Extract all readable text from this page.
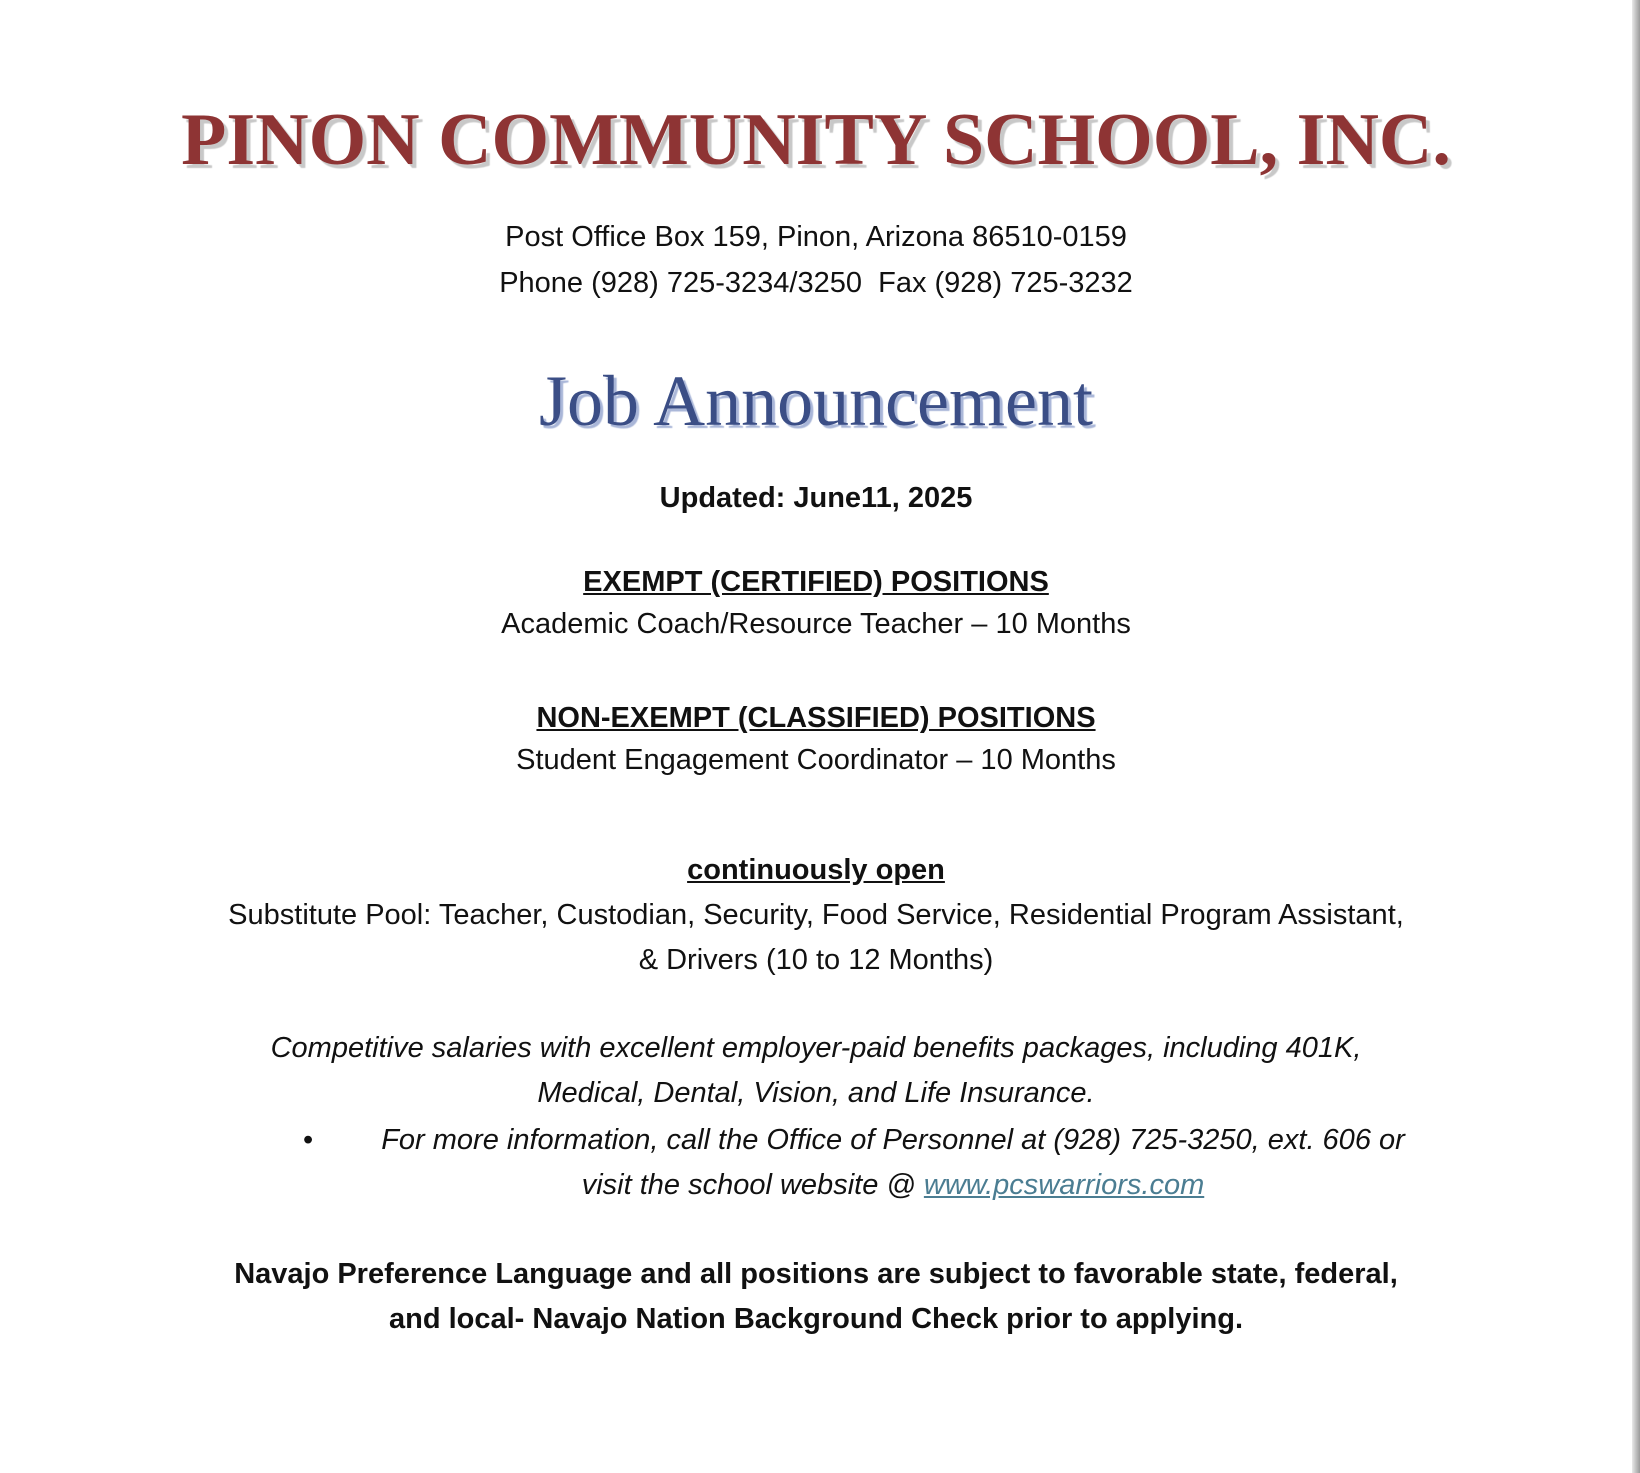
PINON COMMUNITY SCHOOL, INC.
Post Office Box 159, Pinon, Arizona 86510-0159
Phone (928) 725-3234/3250  Fax (928) 725-3232
Job Announcement
Updated: June11, 2025
EXEMPT (CERTIFIED) POSITIONS
Academic Coach/Resource Teacher – 10 Months
NON-EXEMPT (CLASSIFIED) POSITIONS
Student Engagement Coordinator – 10 Months
continuously open
Substitute Pool: Teacher, Custodian, Security, Food Service, Residential Program Assistant,
& Drivers (10 to 12 Months)
Competitive salaries with excellent employer-paid benefits packages, including 401K,
Medical, Dental, Vision, and Life Insurance.
•	For more information, call the Office of Personnel at (928) 725-3250, ext. 606 or
visit the school website @ www.pcswarriors.com
Navajo Preference Language and all positions are subject to favorable state, federal,
and local- Navajo Nation Background Check prior to applying.
